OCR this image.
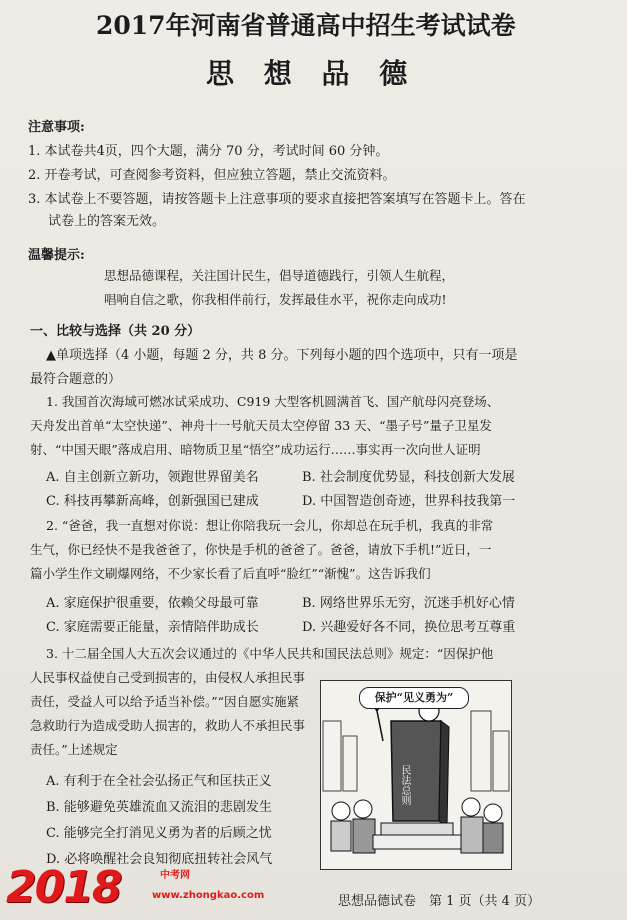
2017年河南省普通高中招生考试试卷
思 想 品 德
注意事项:
1. 本试卷共4页，四个大题，满分 70 分，考试时间 60 分钟。
2. 开卷考试，可查阅参考资料，但应独立答题，禁止交流资料。
3. 本试卷上不要答题，请按答题卡上注意事项的要求直接把答案填写在答题卡上。答在
试卷上的答案无效。
温馨提示:
思想品德课程，关注国计民生，倡导道德践行，引领人生航程，
唱响自信之歌，你我相伴前行，发挥最佳水平，祝你走向成功!
一、比较与选择（共 20 分）
▲单项选择（4 小题，每题 2 分，共 8 分。下列每小题的四个选项中，只有一项是
最符合题意的）
1. 我国首次海域可燃冰试采成功、C919 大型客机圆满首飞、国产航母闪亮登场、
天舟发出首单“太空快递”、神舟十一号航天员太空停留 33 天、“墨子号”量子卫星发
射、“中国天眼”落成启用、暗物质卫星“悟空”成功运行……事实再一次向世人证明
A. 自主创新立新功，领跑世界留美名	B. 社会制度优势显，科技创新大发展
C. 科技再攀新高峰，创新强国已建成	D. 中国智造创奇迹，世界科技我第一
2. “爸爸，我一直想对你说：想让你陪我玩一会儿，你却总在玩手机，我真的非常
生气，你已经快不是我爸爸了，你快是手机的爸爸了。爸爸，请放下手机!”近日，一
篇小学生作文刷爆网络，不少家长看了后直呼“脸红”“渐愧”。这告诉我们
A. 家庭保护很重要，依赖父母最可靠	B. 网络世界乐无穷，沉迷手机好心情
C. 家庭需要正能量，亲情陪伴助成长	D. 兴趣爱好各不同，换位思考互尊重
3. 十二届全国人大五次会议通过的《中华人民共和国民法总则》规定：“因保护他
人民事权益使自己受到损害的，由侵权人承担民事
责任，受益人可以给予适当补偿。”“因自愿实施紧
急救助行为造成受助人损害的，救助人不承担民事
责任。”上述规定
A. 有利于在全社会弘扬正气和匡扶正义
B. 能够避免英雄流血又流泪的悲剧发生
C. 能够完全打消见义勇为者的后顾之忧
D. 必将唤醒社会良知彻底扭转社会风气
保护“见义勇为”
民法总则
思想品德试卷　第 1 页（共 4 页）
2018	中考网
www.zhongkao.com
